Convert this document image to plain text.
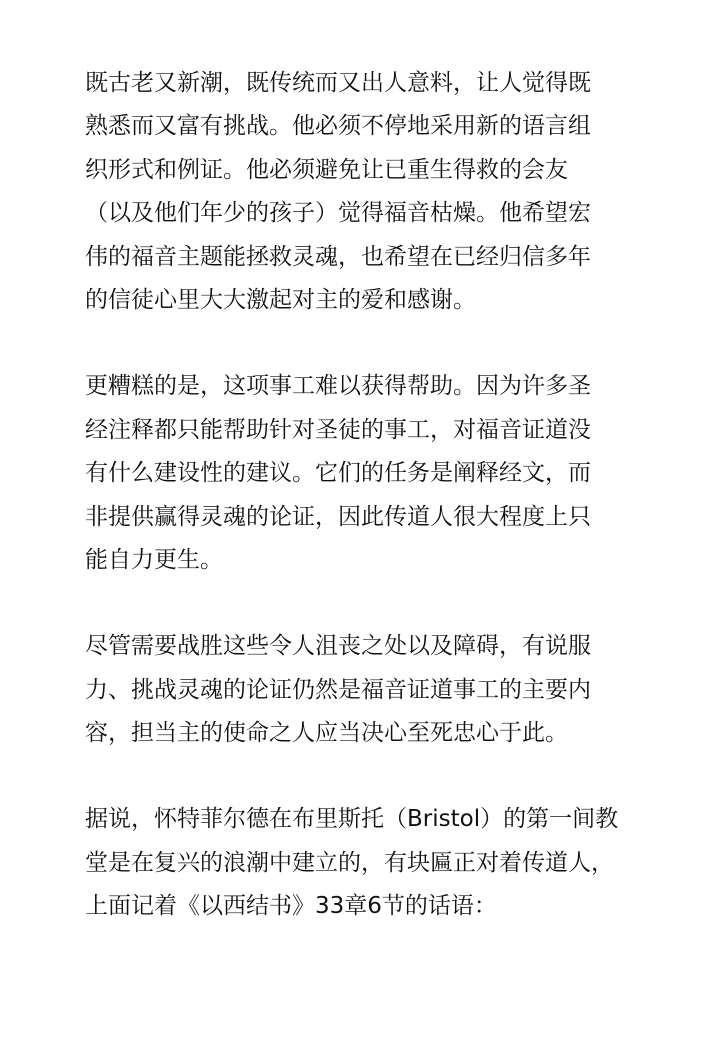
既古老又新潮，既传统而又出人意料，让人觉得既
熟悉而又富有挑战。他必须不停地采用新的语言组
织形式和例证。他必须避免让已重生得救的会友
（以及他们年少的孩子）觉得福音枯燥。他希望宏
伟的福音主题能拯救灵魂，也希望在已经归信多年
的信徒心里大大激起对主的爱和感谢。
更糟糕的是，这项事工难以获得帮助。因为许多圣
经注释都只能帮助针对圣徒的事工，对福音证道没
有什么建设性的建议。它们的任务是阐释经文，而
非提供赢得灵魂的论证，因此传道人很大程度上只
能自力更生。
尽管需要战胜这些令人沮丧之处以及障碍，有说服
力、挑战灵魂的论证仍然是福音证道事工的主要内
容，担当主的使命之人应当决心至死忠心于此。
据说，怀特菲尔德在布里斯托（Bristol）的第一间教
堂是在复兴的浪潮中建立的，有块匾正对着传道人，
上面记着《以西结书》33章6节的话语：
